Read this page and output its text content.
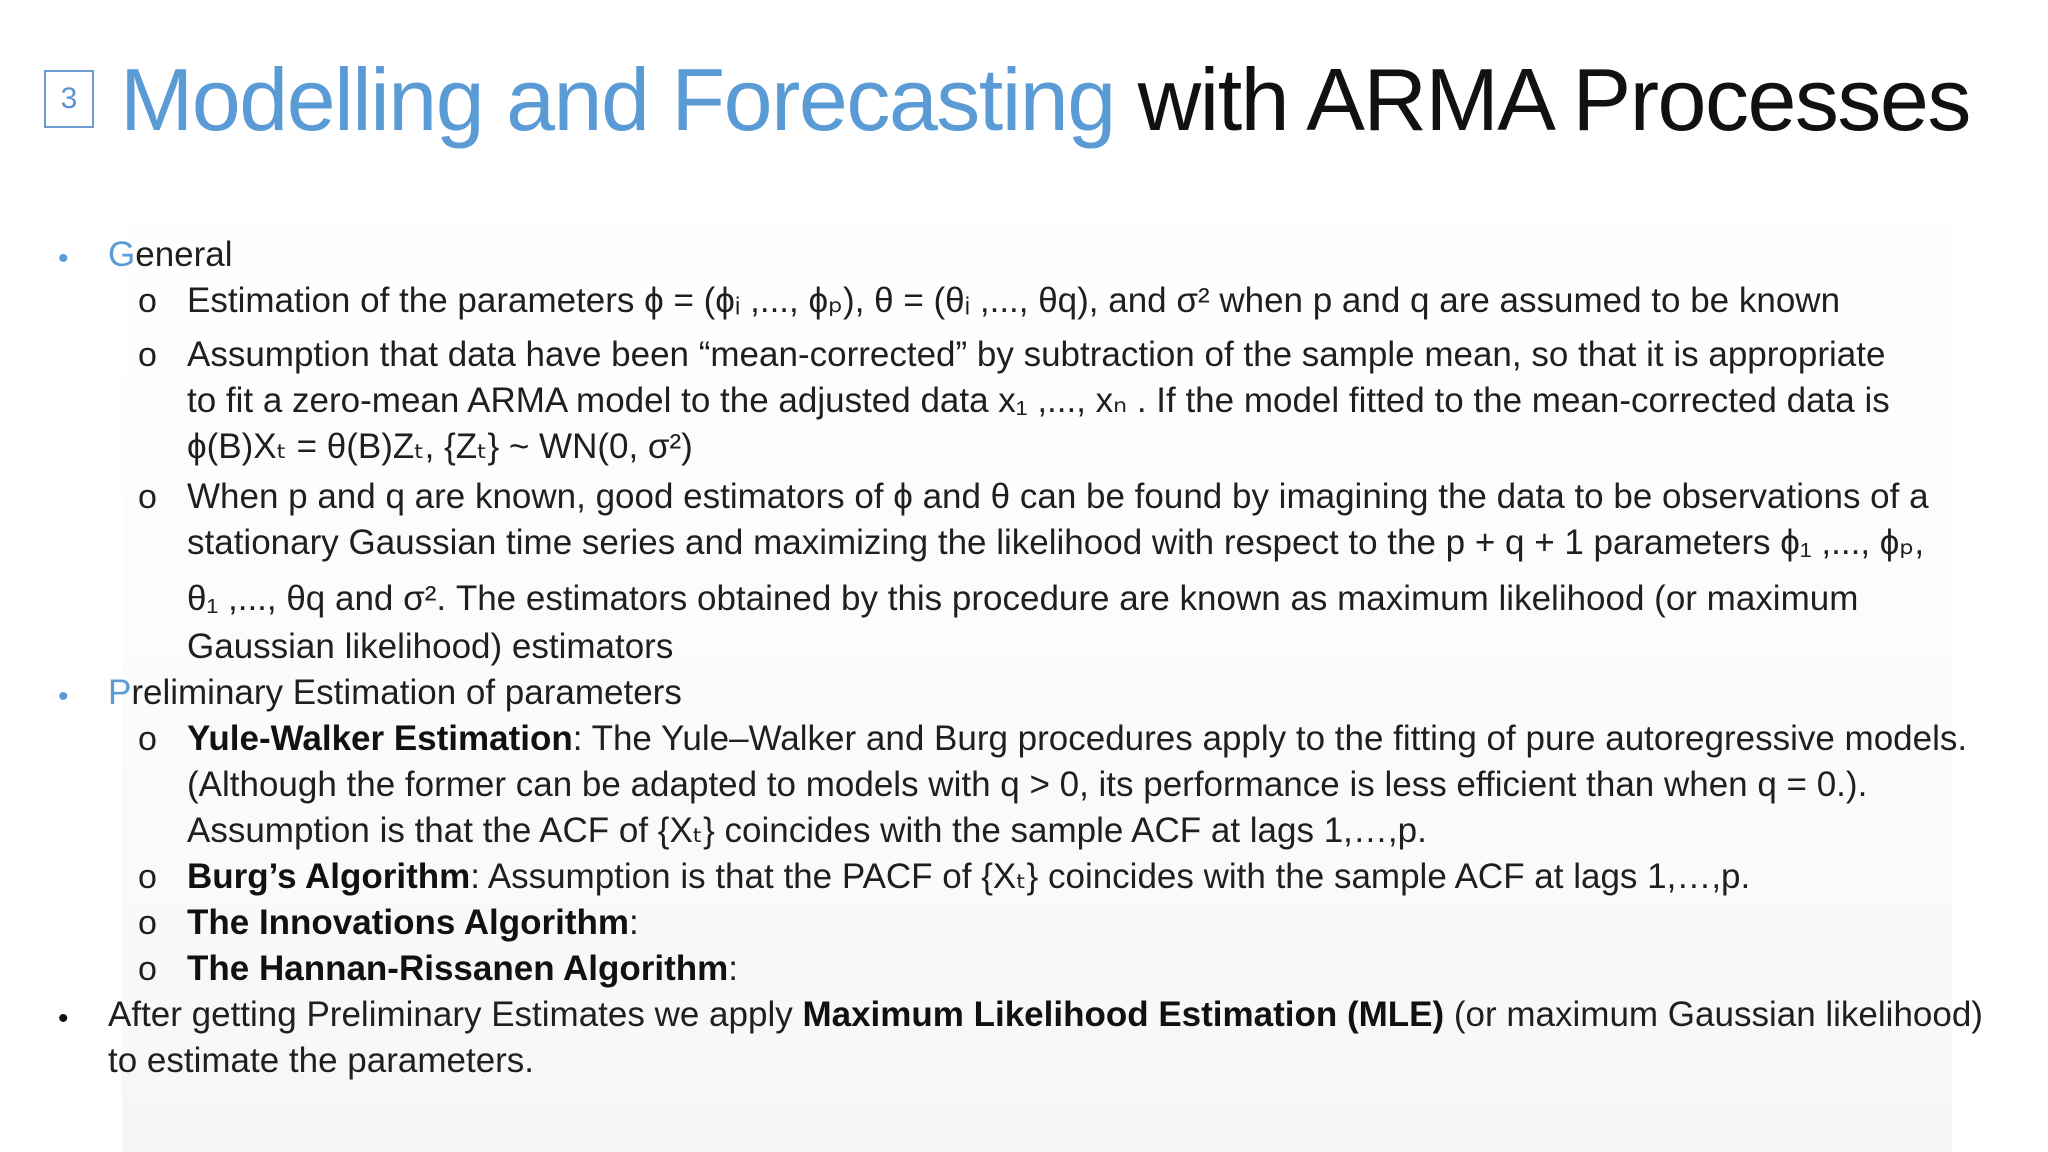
3 Modelling and Forecasting with ARMA Processes
• General
o Estimation of the parameters ϕ = (ϕᵢ ,..., ϕₚ), θ = (θᵢ ,..., θq), and σ² when p and q are assumed to be known
o Assumption that data have been “mean-corrected” by subtraction of the sample mean, so that it is appropriate
to fit a zero-mean ARMA model to the adjusted data x₁ ,..., xₙ . If the model fitted to the mean-corrected data is
ϕ(B)Xₜ = θ(B)Zₜ, {Zₜ} ~ WN(0, σ²)
o When p and q are known, good estimators of ϕ and θ can be found by imagining the data to be observations of a
stationary Gaussian time series and maximizing the likelihood with respect to the p + q + 1 parameters ϕ₁ ,..., ϕₚ,
θ₁ ,..., θq and σ². The estimators obtained by this procedure are known as maximum likelihood (or maximum
Gaussian likelihood) estimators
• Preliminary Estimation of parameters
o Yule-Walker Estimation: The Yule–Walker and Burg procedures apply to the fitting of pure autoregressive models.
(Although the former can be adapted to models with q > 0, its performance is less efficient than when q = 0.).
Assumption is that the ACF of {Xₜ} coincides with the sample ACF at lags 1,…,p.
o Burg’s Algorithm: Assumption is that the PACF of {Xₜ} coincides with the sample ACF at lags 1,…,p.
o The Innovations Algorithm:
o The Hannan-Rissanen Algorithm:
• After getting Preliminary Estimates we apply Maximum Likelihood Estimation (MLE) (or maximum Gaussian likelihood)
to estimate the parameters.
